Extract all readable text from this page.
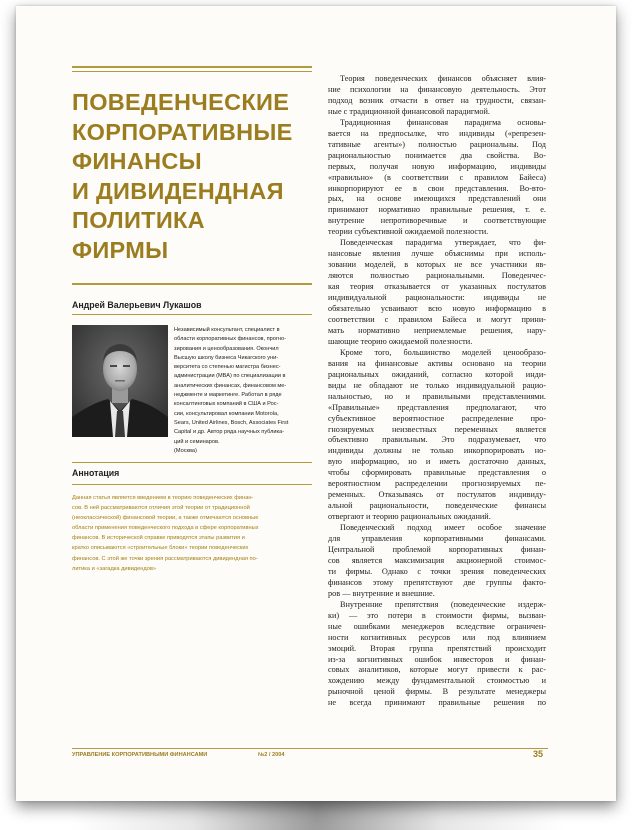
ПОВЕДЕНЧЕСКИЕ
КОРПОРАТИВНЫЕ
ФИНАНСЫ
И ДИВИДЕНДНАЯ
ПОЛИТИКА
ФИРМЫ
Андрей Валерьевич Лукашов
Независимый консультант, специалист в
области корпоративных финансов, прогно-
зирования и ценообразования. Окончил
Высшую школу бизнеса Чикагского уни-
верситета со степенью магистра бизнес-
администрации (МВА) по специализации в
аналитических финансах, финансовом ме-
неджменте и маркетинге. Работал в ряде
консалтинговых компаний в США и Рос-
сии, консультировал компании Motorola,
Sears, United Airlines, Bosch, Associates First
Capital и др. Автор ряда научных публика-
ций и семинаров.
(Москва)
Аннотация
Данная статья является введением в теорию поведенческих финан-
сов. В ней рассматриваются отличия этой теории от традиционной
(неоклассической) финансовой теории, а также отмечаются основные
области применения поведенческого подхода в сфере корпоративных
финансов. В исторической справке приводятся этапы развития и
кратко описываются «строительные блоки» теории поведенческих
финансов. С этой же точки зрения рассматриваются дивидендная по-
литика и «загадка дивидендов»
Теория поведенческих финансов объясняет влия-
ние психологии на финансовую деятельность. Этот
подход возник отчасти в ответ на трудности, связан-
ные с традиционной финансовой парадигмой.
Традиционная финансовая парадигма основы-
вается на предпосылке, что индивиды («репрезен-
тативные агенты») полностью рациональны. Под
рациональностью понимается два свойства. Во-
первых, получая новую информацию, индивиды
«правильно» (в соответствии с правилом Байеса)
инкорпорируют ее в свои представления. Во-вто-
рых, на основе имеющихся представлений они
принимают нормативно правильные решения, т. е.
внутренне непротиворечивые и соответствующие
теории субъективной ожидаемой полезности.
Поведенческая парадигма утверждает, что фи-
нансовые явления лучше объяснимы при исполь-
зовании моделей, в которых не все участники яв-
ляются полностью рациональными. Поведенчес-
кая теория отказывается от указанных постулатов
индивидуальной рациональности: индивиды не
обязательно усваивают всю новую информацию в
соответствии с правилом Байеса и могут прини-
мать нормативно неприемлемые решения, нару-
шающие теорию ожидаемой полезности.
Кроме того, большинство моделей ценообразо-
вания на финансовые активы основано на теории
рациональных ожиданий, согласно которой инди-
виды не обладают не только индивидуальной рацио-
нальностью, но и правильными представлениями.
«Правильные» представления предполагают, что
субъективное вероятностное распределение про-
гнозируемых неизвестных переменных является
объективно правильным. Это подразумевает, что
индивиды должны не только инкорпорировать но-
вую информацию, но и иметь достаточно данных,
чтобы сформировать правильные представления о
вероятностном распределении прогнозируемых пе-
ременных. Отказываясь от постулатов индивиду-
альной рациональности, поведенческие финансы
отвергают и теорию рациональных ожиданий.
Поведенческий подход имеет особое значение
для управления корпоративными финансами.
Центральной проблемой корпоративных финан-
сов является максимизация акционерной стоимос-
ти фирмы. Однако с точки зрения поведенческих
финансов этому препятствуют две группы факто-
ров — внутренние и внешние.
Внутренние препятствия (поведенческие издерж-
ки) — это потери в стоимости фирмы, вызван-
ные ошибками менеджеров вследствие ограничен-
ности когнитивных ресурсов или под влиянием
эмоций. Вторая группа препятствий происходит
из-за когнитивных ошибок инвесторов и финан-
совых аналитиков, которые могут привести к рас-
хождению между фундаментальной стоимостью и
рыночной ценой фирмы. В результате менеджеры
не всегда принимают правильные решения по
УПРАВЛЕНИЕ КОРПОРАТИВНЫМИ ФИНАНСАМИ	№2 / 2004	35
